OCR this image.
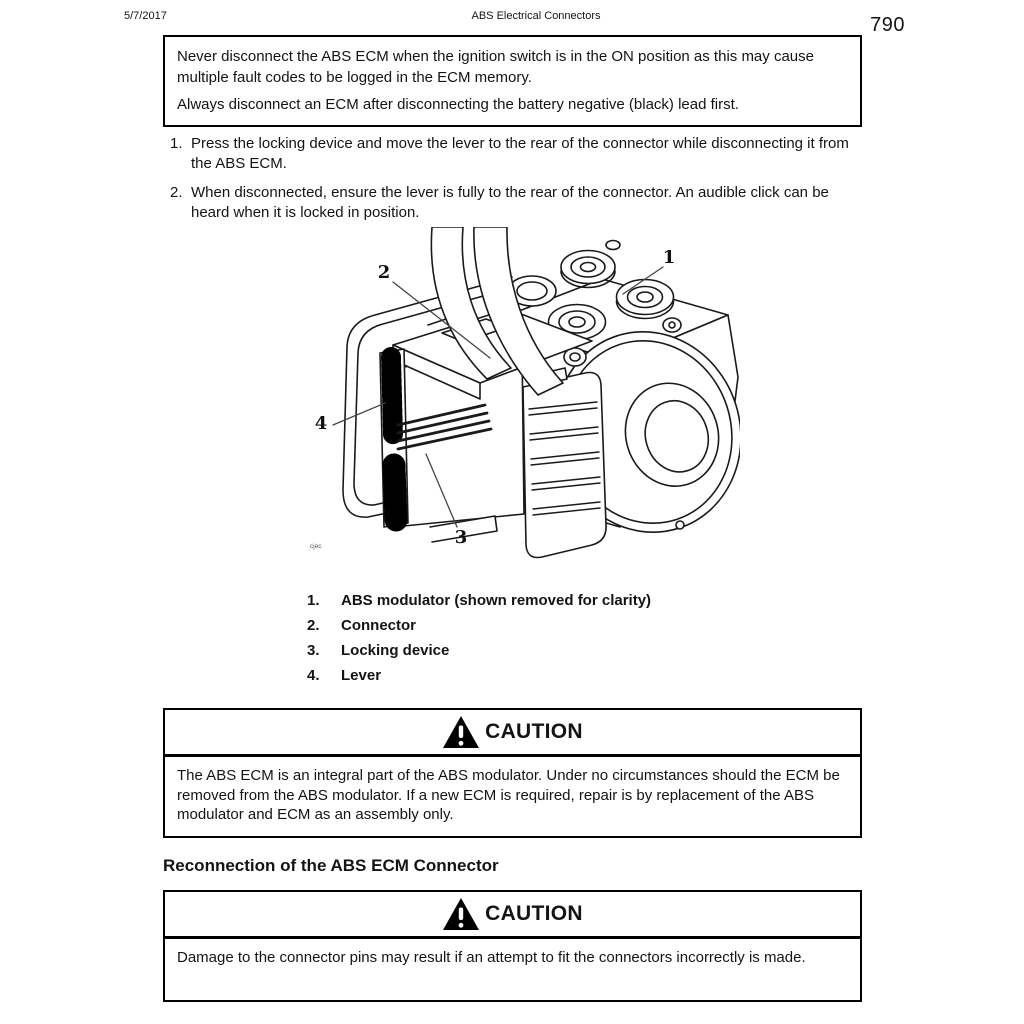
5/7/2017	ABS Electrical Connectors	790

Never disconnect the ABS ECM when the ignition switch is in the ON position as this may cause multiple fault codes to be logged in the ECM memory.

Always disconnect an ECM after disconnecting the battery negative (black) lead first.

1. Press the locking device and move the lever to the rear of the connector while disconnecting it from the ABS ECM.
2. When disconnected, ensure the lever is fully to the rear of the connector. An audible click can be heard when it is locked in position.
1
2
3
4
cjec
1.	ABS modulator (shown removed for clarity)
2.	Connector
3.	Locking device
4.	Lever
CAUTION
The ABS ECM is an integral part of the ABS modulator. Under no circumstances should the ECM be removed from the ABS modulator. If a new ECM is required, repair is by replacement of the ABS modulator and ECM as an assembly only.
Reconnection of the ABS ECM Connector
CAUTION
Damage to the connector pins may result if an attempt to fit the connectors incorrectly is made.
